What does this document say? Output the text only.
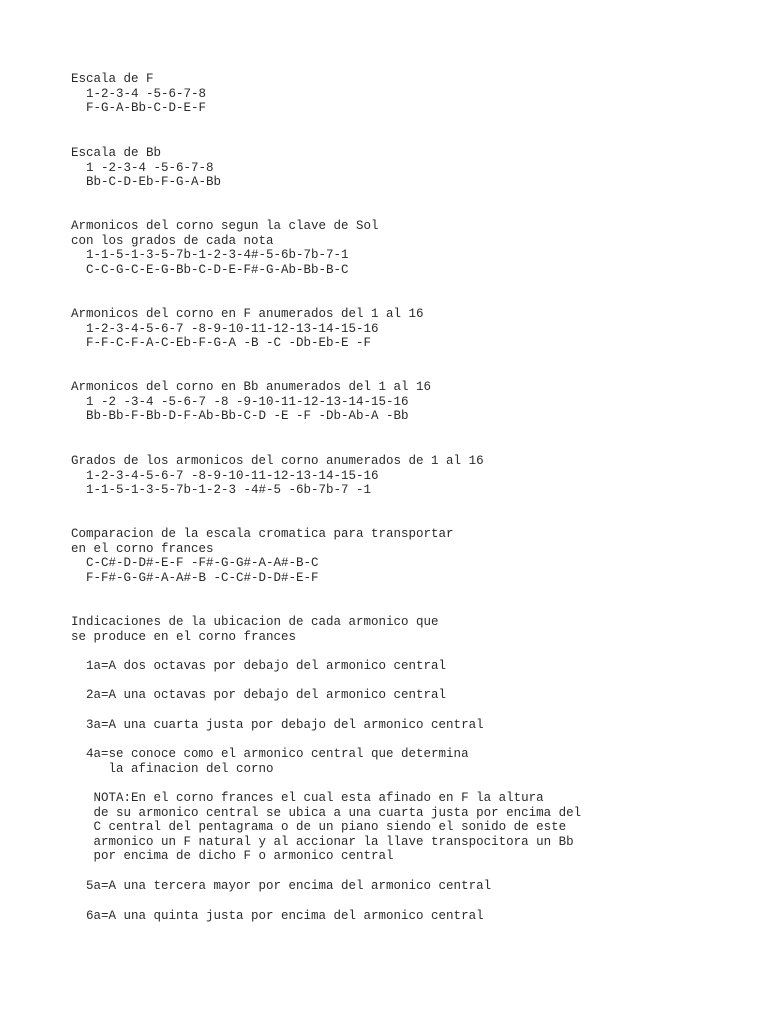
Escala de F
1-2-3-4 -5-6-7-8
F-G-A-Bb-C-D-E-F
Escala de Bb
1 -2-3-4 -5-6-7-8
Bb-C-D-Eb-F-G-A-Bb
Armonicos del corno segun la clave de Sol
con los grados de cada nota
1-1-5-1-3-5-7b-1-2-3-4#-5-6b-7b-7-1
C-C-G-C-E-G-Bb-C-D-E-F#-G-Ab-Bb-B-C
Armonicos del corno en F anumerados del 1 al 16
1-2-3-4-5-6-7 -8-9-10-11-12-13-14-15-16
F-F-C-F-A-C-Eb-F-G-A -B -C -Db-Eb-E -F
Armonicos del corno en Bb anumerados del 1 al 16
1 -2 -3-4 -5-6-7 -8 -9-10-11-12-13-14-15-16
Bb-Bb-F-Bb-D-F-Ab-Bb-C-D -E -F -Db-Ab-A -Bb
Grados de los armonicos del corno anumerados de 1 al 16
1-2-3-4-5-6-7 -8-9-10-11-12-13-14-15-16
1-1-5-1-3-5-7b-1-2-3 -4#-5 -6b-7b-7 -1
Comparacion de la escala cromatica para transportar
en el corno frances
C-C#-D-D#-E-F -F#-G-G#-A-A#-B-C
F-F#-G-G#-A-A#-B -C-C#-D-D#-E-F
Indicaciones de la ubicacion de cada armonico que
se produce en el corno frances
1a=A dos octavas por debajo del armonico central
2a=A una octavas por debajo del armonico central
3a=A una cuarta justa por debajo del armonico central
4a=se conoce como el armonico central que determina
la afinacion del corno
NOTA:En el corno frances el cual esta afinado en F la altura
de su armonico central se ubica a una cuarta justa por encima del
C central del pentagrama o de un piano siendo el sonido de este
armonico un F natural y al accionar la llave transpocitora un Bb
por encima de dicho F o armonico central
5a=A una tercera mayor por encima del armonico central
6a=A una quinta justa por encima del armonico central
